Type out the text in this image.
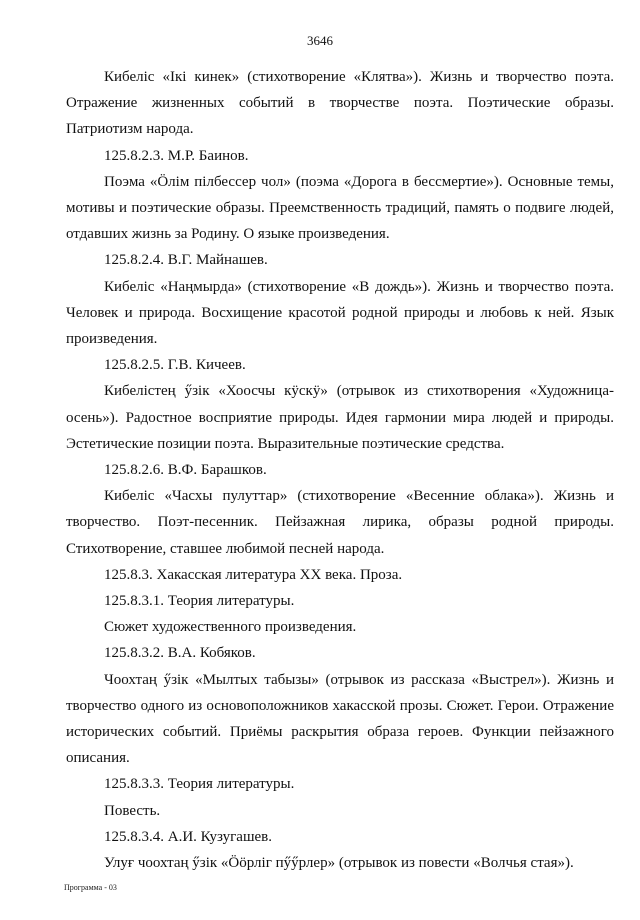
3646

Кибеліс «Ікі кинек» (стихотворение «Клятва»). Жизнь и творчество поэта. Отражение жизненных событий в творчестве поэта. Поэтические образы. Патриотизм народа.

125.8.2.3. М.Р. Баинов.

Поэма «Ӧлім пілбессер чол» (поэма «Дорога в бессмертие»). Основные темы, мотивы и поэтические образы. Преемственность традиций, память о подвиге людей, отдавших жизнь за Родину. О языке произведения.

125.8.2.4. В.Г. Майнашев.

Кибеліс «Наңмырда» (стихотворение «В дождь»). Жизнь и творчество поэта. Человек и природа. Восхищение красотой родной природы и любовь к ней. Язык произведения.

125.8.2.5. Г.В. Кичеев.

Кибелістең ӳзік «Хоосчы кӱскӱ» (отрывок из стихотворения «Художница-осень»). Радостное восприятие природы. Идея гармонии мира людей и природы. Эстетические позиции поэта. Выразительные поэтические средства.

125.8.2.6. В.Ф. Барашков.

Кибеліс «Часхы пулуттар» (стихотворение «Весенние облака»). Жизнь и творчество. Поэт-песенник. Пейзажная лирика, образы родной природы. Стихотворение, ставшее любимой песней народа.

125.8.3. Хакасская литература XX века. Проза.

125.8.3.1. Теория литературы.

Сюжет художественного произведения.

125.8.3.2. В.А. Кобяков.

Чоохтаң ӳзік «Мылтых табызы» (отрывок из рассказа «Выстрел»). Жизнь и творчество одного из основоположников хакасской прозы. Сюжет. Герои. Отражение исторических событий. Приёмы раскрытия образа героев. Функции пейзажного описания.

125.8.3.3. Теория литературы.

Повесть.

125.8.3.4. А.И. Кузугашев.

Улуғ чоохтаң ӳзік «Ӧӧрліг пӳӳрлер» (отрывок из повести «Волчья стая»).

Программа - 03
